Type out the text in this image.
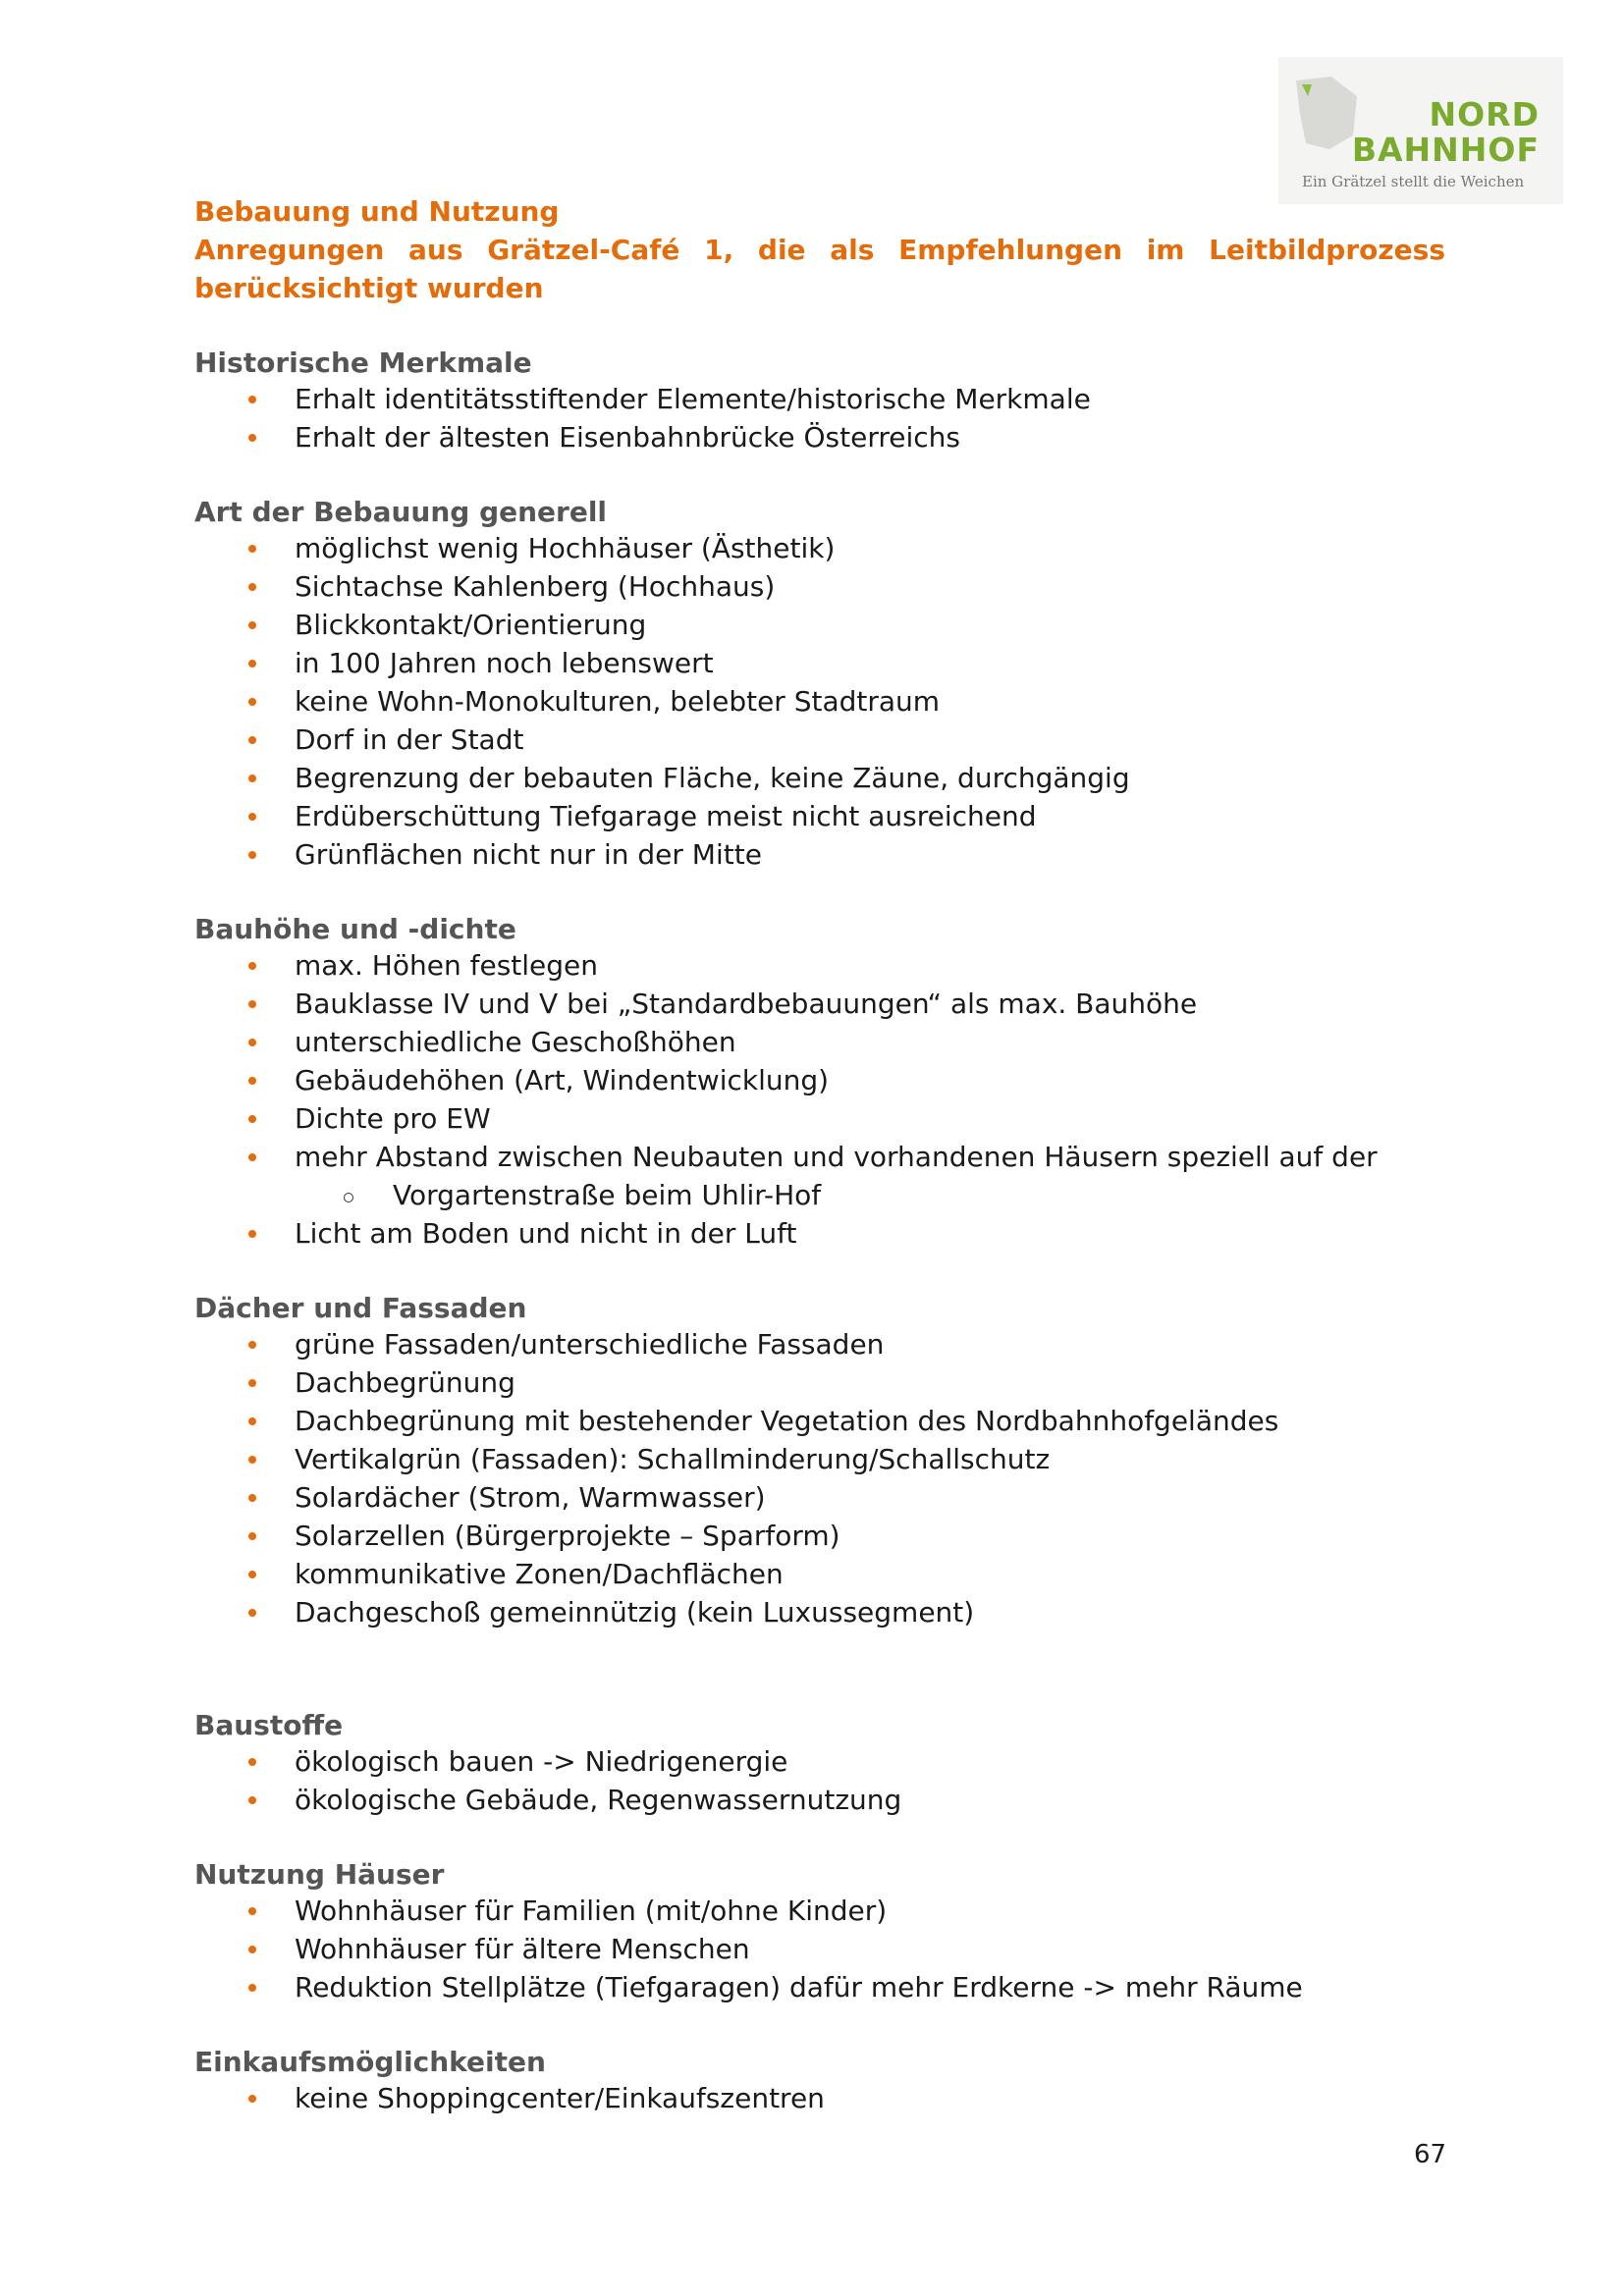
NORD
BAHNHOF
Ein Grätzel stellt die Weichen

Bebauung und Nutzung

Anregungen aus Grätzel-Café 1, die als Empfehlungen im Leitbildprozess berücksichtigt wurden

Historische Merkmale

Erhalt identitätsstiftender Elemente/historische Merkmale
Erhalt der ältesten Eisenbahnbrücke Österreichs

Art der Bebauung generell

möglichst wenig Hochhäuser (Ästhetik)
Sichtachse Kahlenberg (Hochhaus)
Blickkontakt/Orientierung
in 100 Jahren noch lebenswert
keine Wohn-Monokulturen, belebter Stadtraum
Dorf in der Stadt
Begrenzung der bebauten Fläche, keine Zäune, durchgängig
Erdüberschüttung Tiefgarage meist nicht ausreichend
Grünflächen nicht nur in der Mitte

Bauhöhe und -dichte

max. Höhen festlegen
Bauklasse IV und V bei „Standardbebauungen“ als max. Bauhöhe
unterschiedliche Geschoßhöhen
Gebäudehöhen (Art, Windentwicklung)
Dichte pro EW
mehr Abstand zwischen Neubauten und vorhandenen Häusern speziell auf der
Vorgartenstraße beim Uhlir-Hof
Licht am Boden und nicht in der Luft

Dächer und Fassaden

grüne Fassaden/unterschiedliche Fassaden
Dachbegrünung
Dachbegrünung mit bestehender Vegetation des Nordbahnhofgeländes
Vertikalgrün (Fassaden): Schallminderung/Schallschutz
Solardächer (Strom, Warmwasser)
Solarzellen (Bürgerprojekte – Sparform)
kommunikative Zonen/Dachflächen
Dachgeschoß gemeinnützig (kein Luxussegment)

Baustoffe

ökologisch bauen -> Niedrigenergie
ökologische Gebäude, Regenwassernutzung

Nutzung Häuser

Wohnhäuser für Familien (mit/ohne Kinder)
Wohnhäuser für ältere Menschen
Reduktion Stellplätze (Tiefgaragen) dafür mehr Erdkerne -> mehr Räume

Einkaufsmöglichkeiten

keine Shoppingcenter/Einkaufszentren
67
